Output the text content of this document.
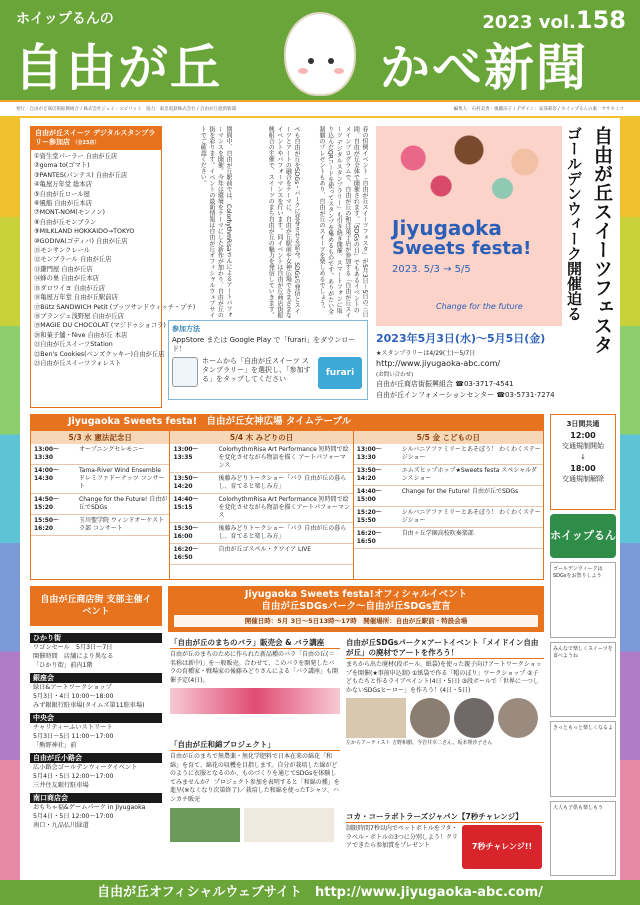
ホイップるんの
自由が丘	かべ新聞
2023 vol.158
発行：自由が丘商店街振興組合 / 株式会社ジェイ・スピリット　協力：東急電鉄株式会社 / 自由が丘経済新聞	編集人：石村美香・後藤涼子 / デザイン：安部莉奈 / ホイップるんの素：ササキミコ
自由が丘スイーツ デジタルスタンプラリー参加店 （全23店）
①資生堂パーラー 自由が丘店
②goma to(ゴマト)
③PANTES(パンテス) 自由が丘店
④亀屋万年堂 総本店
⑤自由が丘ロール屋
⑥風船 自由が丘本店
⑦MONT-NOM(モンノン)
⑧自由が丘モンブラン
⑨MILKLAND HOKKAIDO→TOKYO
⑩GODIVA(ゴディバ) 自由が丘店
⑪モンサンクレール
⑫モンブラール 自由が丘店
⑬鎌門屋 自由が丘店
⑭蜂の巣 自由が丘本店
⑮ダロワイヨ 自由が丘店
⑯亀屋万年堂 自由が丘駅前店
⑰Bütz SANDWICH Petit (ブッツサンドウィッチ・プチ)
⑱ブランジェ浅野屋 自由が丘店
⑲MAGIE DU CHOCOLAT (マジドゥショコラ)
⑳和菓子舗・fève 自由が丘 本店
㉑自由が丘スイーツStation
㉒Ben's Cookies(ベンズクッキー)自由が丘店
㉓自由が丘スイーツフォレスト
春の恒例イベント「自由が丘スイーツフェスタ」が5月3日〜5日の三日間、自由が丘全体で開催されます。「SDGsの日」でもあるイベントのメインプログラムで、自由が丘の和洋菓子店が参加する「自由が丘スイーツ デジタルスタンプラリー」も引き続き開催。スマートフォンに取り込んだQRコードを使ってスタンプを集めるものです。ありがたい全制覇のプレゼントもあり、自由が丘のスイーツを楽しめるでしょう。
ぺも自由が丘をSDGs・パークに変身させる試み。SDGsの発信とスイーツとアートの融合をテーマに、自由が丘駅前や女神広場でさまざまなイベントやパフォーマンスを行います。同イベントは自由が丘商店街振興組合の主催で、スイーツのまち自由が丘の魅力を発信していきます。
期間中、自由が丘駅前では、ColorhythmRisaさんによるアートパフォーマンスを開催。今年は環境をテーマにした新作が加わり、自由が丘の街を彩ります。イベントの最新情報は自由が丘オフィシャルウェブサイトでご確認ください。
参加方法
AppStore または Google Play で「furari」をダウンロード！
ホームから「自由が丘スイーツ スタンプラリー」を選択し、「参加する」をタップしてください
furari
Jiyugaoka
Sweets festa!
2023. 5/3 → 5/5
Change for the future	自由が丘スイーツフェスタ
ゴールデンウィーク開催迫る
2023年5月3日(水)〜5月5日(金)
★スタンプラリーは4/29(土)〜5/7日
http://www.jiyugaoka-abc.com/
(お問い合わせ)
自由が丘商店街振興組合 ☎03-3717-4541
自由が丘インフォメーションセンター ☎03-5731-7274
Jiyugaoka Sweets festa!　自由が丘女神広場 タイムテーブル
5/3 水 憲法記念日
13:00〜13:30
オープニングセレモニー
14:00〜14:30
Tama-River Wind Ensemble ドレミファドーナッツ コンサート
14:50〜15:20
Change for the Future! 自由が丘でSDGs
15:50〜16:20
玉川聖学院 ウィンドオーケストラ部 コンサート
5/4 木 みどりの日
13:00〜13:35
ColorhythmRisa Art Performance 短時間で絵を変化させながら物語を描く アートパフォーマンス
13:50〜14:20
後藤みどりトークショー「パラ 自由が丘の暮らし、育てると楽しみ方」
14:40〜15:15
ColorhythmRisa Art Performance 短時間で絵を変化させながら物語を描くアートパフォーマンス
15:30〜16:00
後藤みどりトークショー「パラ 自由が丘の暮らし、育てると楽しみ方」
16:20〜16:50
自由が丘ゴスペル・クワイア LIVE
5/5 金 こどもの日
13:00〜13:30
シルバニアファミリーとあそぼう！ わくわくステージショー
13:50〜14:20
エムズヒップホップ★Sweets festa スペシャルダンスショー
14:40〜15:00
Change for the Future! 自由が丘でSDGs
15:20〜15:50
シルバニアファミリーとあそぼう！ わくわくステージショー
16:20〜16:50
自由ヶ丘学園高校吹奏楽部
3日間共通
12:00
交通規制開始
↓
18:00
交通規制解除
ホイップるん
自由が丘商店街 支部主催イベント
ひかり街
ワゴンセール　5月3日〜7日
開催時間　店舗により異なる
「ひかり街」前内1階
銀座会
緑日&アートワークショップ
5月3日・4日 10:00〜18:00
みず銀銀行駐車場(タイムズ第11駐車場)
中央会
チャリティーふいストリート
5月3日〜5日 11:00〜17:00
「熊野神社」前
自由が丘小路会
広小路会ゴールデンウィークイベント
5月4日・5日 12:00〜17:00
三井住友銀行駐車場
南口商店会
おもちゃ福&ゲームパーク in Jiyugaoka
5月4日・5日 12:00〜17:00
南口・九品仏川緑道
Jiyugaoka Sweets festa!オフィシャルイベント
自由が丘SDGsパーク〜自由が丘SDGs宣言
開催日時：5月 3日〜5日13時〜17時　開催場所：自由が丘駅前・特設会場
「自由が丘のまちのバラ」販売会 & バラ講座
自由が丘のまちのために作られた新品種のバラ「自由の丘(＝名称は新中)」を一般販売。合わせて、このバラを開発したバラの育種家・戦場家の後藤みどりさんによる「バラ講座」も開催予定(4日)。
「自由が丘和綿プロジェクト」
自由が丘のまちで無農薬・無化学肥料で日本在来の綿花「和綿」を育て、綿花の収穫を目指します。自分が栽培した綿がどのように衣服となるのか、ものづくりを通じてSDGsを体験してみませんか？ プロジェクト参加を表明すると「和綿の種」を進呈(※なくなり次第終了)／栽培した和綿を使ったTシャツ、ハンカチ販売
自由が丘SDGsパーク×アートイベント「メイドイン自由が丘」の廃材でアートを作ろう！
まちから出た廃材(段ボール、紙袋)を使った親子向けアートワークショップを開催(★事前申込制) ①紙袋で作る「帽のぼり」ワークショップ ②子どもたちと作るライブペイント(4日・5日) ③段ボールで「世界に一つしかないSDGsヒーロー」を作ろう！(4日・5日)
左からアーティスト 吉野和樹、今岩井幸二さん、坂本理沙子さん
コカ・コーラボトラーズジャパン【7秒チャレンジ】
制限時間7秒以内でペットボトルをフタ・ラベル・ボトルの3つに分別しよう！クリアできたら参加賞をプレゼント	7秒チャレンジ!!
ゴールデンウィークはSDGsをお祭りしよう
みんなで楽しくスイーツを食べようね
きっともっと楽しくなるよ
大人も子供も楽しもう
自由が丘オフィシャルウェブサイト　 http://www.jiyugaoka-abc.com/
